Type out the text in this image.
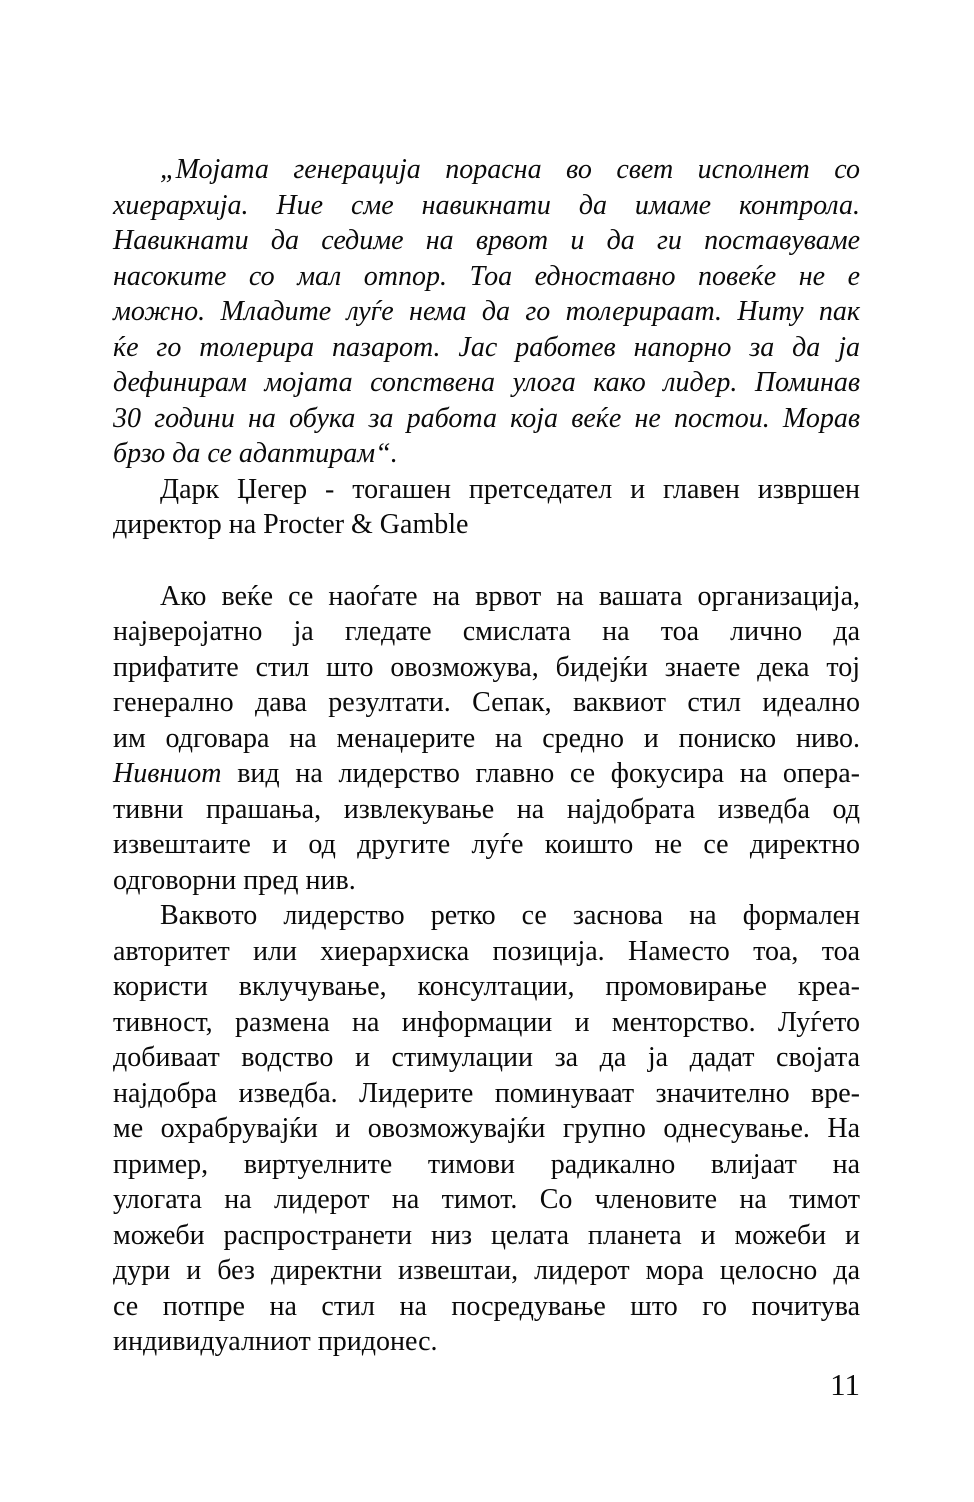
„Мојата генерација порасна во свет исполнет со
хиерархија. Ние сме навикнати да имаме контрола.
Навикнати да седиме на врвот и да ги поставуваме
насоките со мал отпор. Тоа едноставно повеќе не е
можно. Младите луѓе нема да го толерираат. Ниту пак
ќе го толерира пазарот. Јас работев напорно за да ја
дефинирам мојата сопствена улога како лидер. Поминав
30 години на обука за работа која веќе не постои. Морав
брзо да се адаптирам“.
Дарк Џегер - тогашен претседател и главен извршен
директор на Procter & Gamble
Ако веќе се наоѓате на врвот на вашата организација,
најверојатно ја гледате смислата на тоа лично да
прифатите стил што овозможува, бидејќи знаете дека тој
генерално дава резултати. Сепак, ваквиот стил идеално
им одговара на менаџерите на средно и пониско ниво.
Нивниот вид на лидерство главно се фокусира на опера-
тивни прашања, извлекување на најдобрата изведба од
извештаите и од другите луѓе коишто не се директно
одговорни пред нив.
Ваквото лидерство ретко се заснова на формален
авторитет или хиерархиска позиција. Наместо тоа, тоа
користи вклучување, консултации, промовирање креа-
тивност, размена на информации и менторство. Луѓето
добиваат водство и стимулации за да ја дадат својата
најдобра изведба. Лидерите поминуваат значително вре-
ме охрабрувајќи и овозможувајќи групно однесување. На
пример, виртуелните тимови радикално влијаат на
улогата на лидерот на тимот. Со членовите на тимот
можеби распространети низ целата планета и можеби и
дури и без директни извештаи, лидерот мора целосно да
се потпре на стил на посредување што го почитува
индивидуалниот придонес.
11
